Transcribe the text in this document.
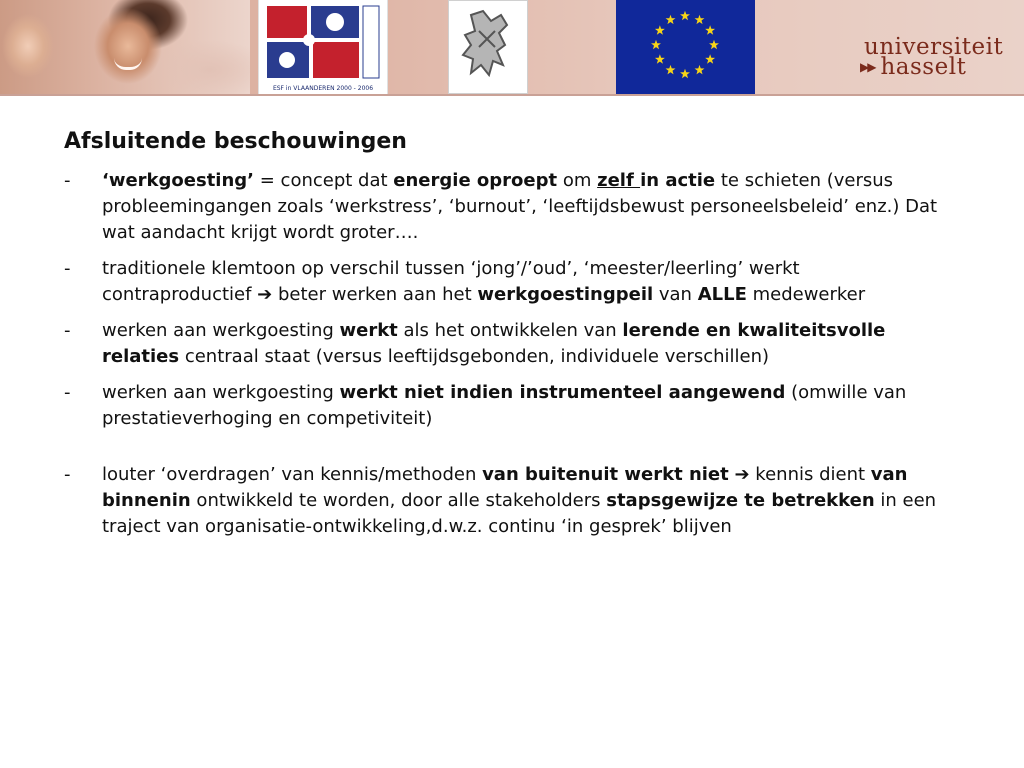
ESF in VLAANDEREN 2000 - 2006
universiteit
▶▶ hasselt
Afsluitende beschouwingen
- ‘werkgoesting’ = concept dat energie oproept om zelf in actie te schieten (versus probleemingangen zoals ‘werkstress’, ‘burnout’, ‘leeftijdsbewust personeelsbeleid’ enz.) Dat wat aandacht krijgt wordt groter….
- traditionele klemtoon op verschil tussen ‘jong’/’oud’, ‘meester/leerling’ werkt contraproductief ➔ beter werken aan het werkgoestingpeil van ALLE medewerker
- werken aan werkgoesting werkt als het ontwikkelen van lerende en kwaliteitsvolle relaties centraal staat (versus leeftijdsgebonden, individuele verschillen)
- werken aan werkgoesting werkt niet indien instrumenteel aangewend (omwille van prestatieverhoging en competiviteit)
- louter ‘overdragen’ van kennis/methoden van buitenuit werkt niet ➔ kennis dient van binnenin ontwikkeld te worden, door alle stakeholders stapsgewijze te betrekken in een traject van organisatie-ontwikkeling,d.w.z. continu ‘in gesprek’ blijven
